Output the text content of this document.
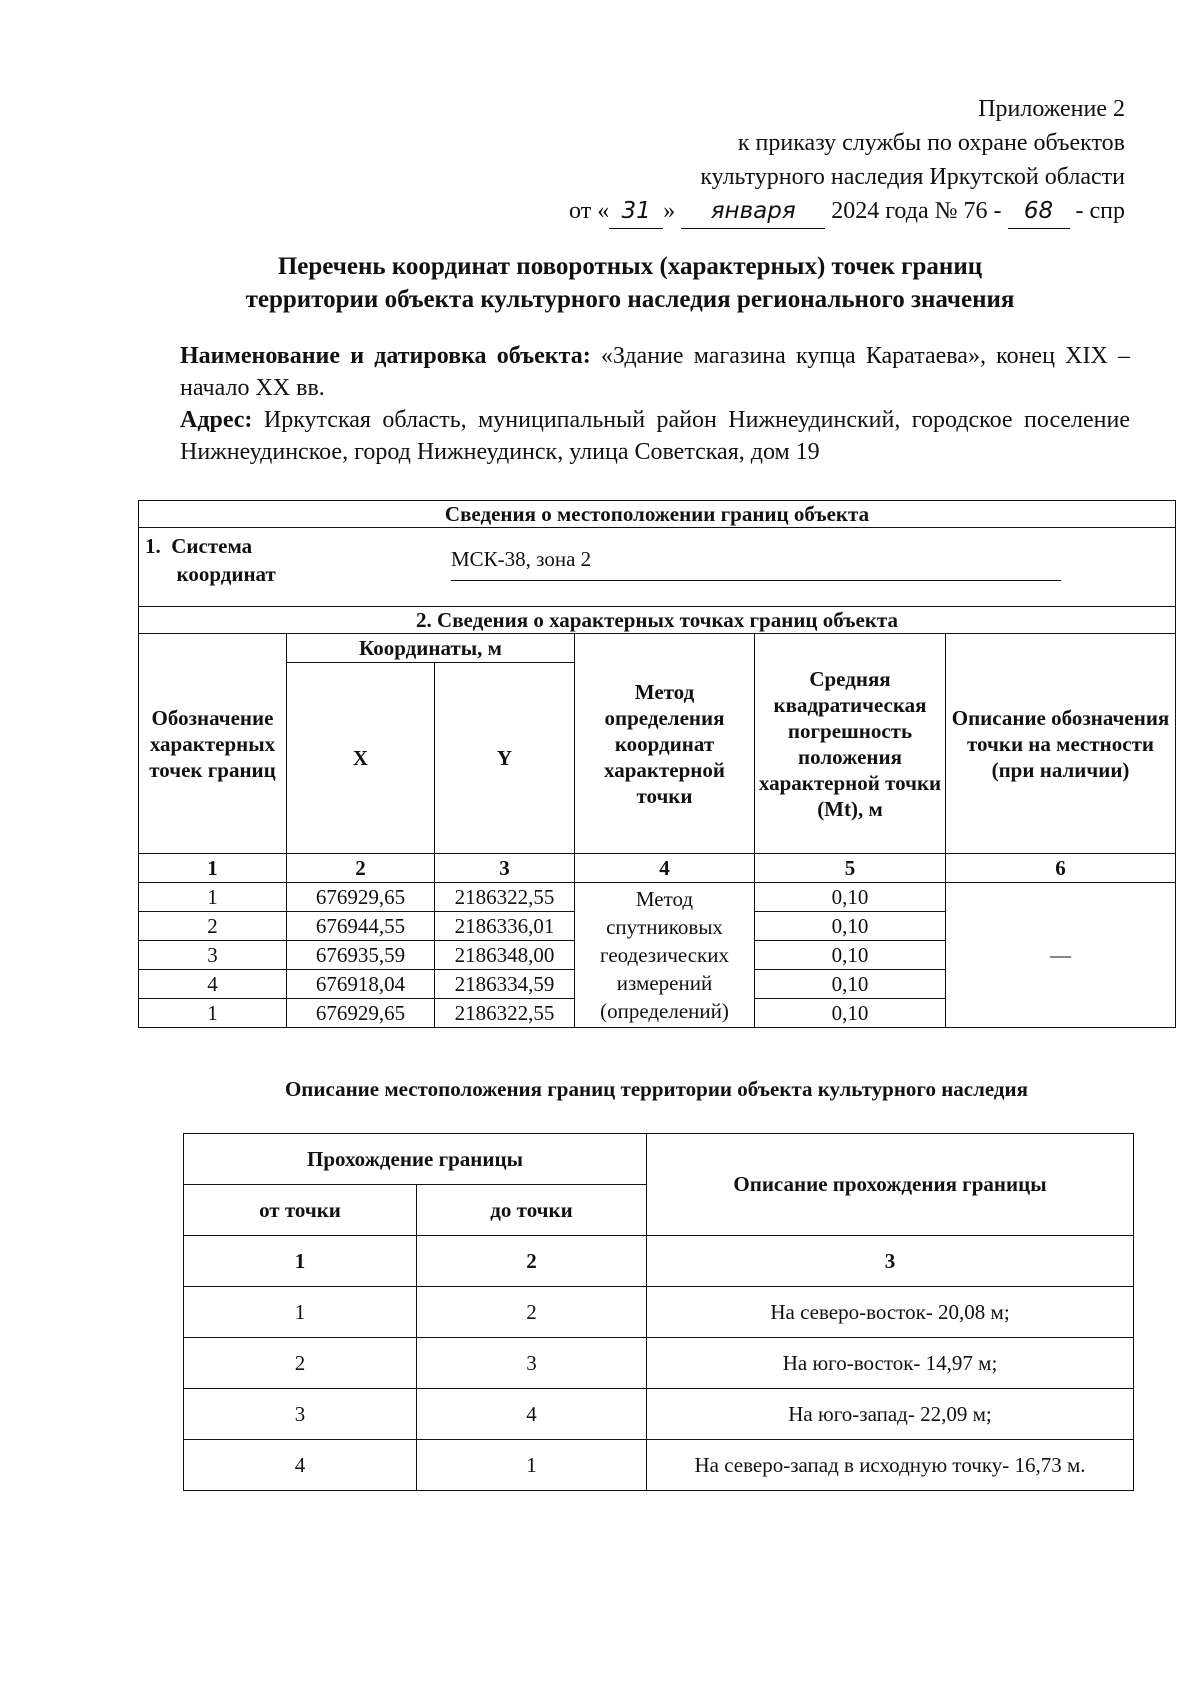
Приложение 2
к приказу службы по охране объектов
культурного наследия Иркутской области
от « 31 » января 2024 года № 76 - 68 - спр
Перечень координат поворотных (характерных) точек границ
территории объекта культурного наследия регионального значения
Наименование и датировка объекта: «Здание магазина купца Каратаева», конец XIX – начало XX вв.
Адрес: Иркутская область, муниципальный район Нижнеудинский, городское поселение Нижнеудинское, город Нижнеудинск, улица Советская, дом 19
Сведения о местоположении границ объекта					

1.  Система
координат
МСК-38, зона 2					

2. Сведения о характерных точках границ объекта					
Обозначение характерных точек границ	Координаты, м		Метод определения координат характерной точки	Средняя квадратическая погрешность положения характерной точки (Mt), м	Описание обозначения точки на местности (при наличии)
	X	Y			
1	2	3	4	5	6
1	676929,65	2186322,55	Метод спутниковых геодезических измерений (определений)	0,10	—
2	676944,55	2186336,01		0,10	
3	676935,59	2186348,00		0,10	
4	676918,04	2186334,59		0,10	
1	676929,65	2186322,55		0,10	
Описание местоположения границ территории объекта культурного наследия
Прохождение границы		Описание прохождения границы
от точки	до точки	
1	2	3
1	2	На северо-восток- 20,08 м;
2	3	На юго-восток- 14,97 м;
3	4	На юго-запад- 22,09 м;
4	1	На северо-запад в исходную точку- 16,73 м.
